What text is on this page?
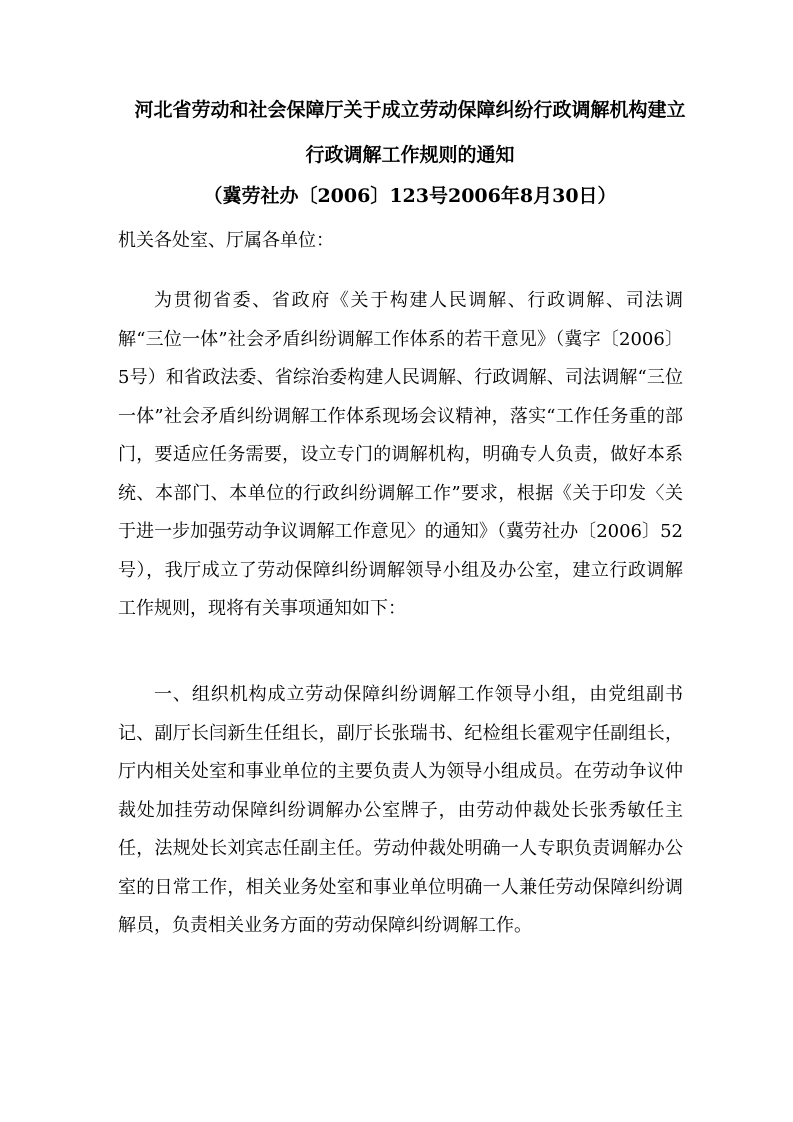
河北省劳动和社会保障厅关于成立劳动保障纠纷行政调解机构建立
行政调解工作规则的通知
（冀劳社办〔2006〕123号2006年8月30日）
机关各处室、厅属各单位：

为贯彻省委、省政府《关于构建人民调解、行政调解、司法调解“三位一体”社会矛盾纠纷调解工作体系的若干意见》（冀字〔2006〕5号）和省政法委、省综治委构建人民调解、行政调解、司法调解“三位一体”社会矛盾纠纷调解工作体系现场会议精神，落实“工作任务重的部门，要适应任务需要，设立专门的调解机构，明确专人负责，做好本系统、本部门、本单位的行政纠纷调解工作”要求，根据《关于印发〈关于进一步加强劳动争议调解工作意见〉的通知》（冀劳社办〔2006〕52号），我厅成立了劳动保障纠纷调解领导小组及办公室，建立行政调解工作规则，现将有关事项通知如下：

一、组织机构成立劳动保障纠纷调解工作领导小组，由党组副书记、副厅长闫新生任组长，副厅长张瑞书、纪检组长霍观宇任副组长，厅内相关处室和事业单位的主要负责人为领导小组成员。在劳动争议仲裁处加挂劳动保障纠纷调解办公室牌子，由劳动仲裁处长张秀敏任主任，法规处长刘宾志任副主任。劳动仲裁处明确一人专职负责调解办公室的日常工作，相关业务处室和事业单位明确一人兼任劳动保障纠纷调解员，负责相关业务方面的劳动保障纠纷调解工作。
